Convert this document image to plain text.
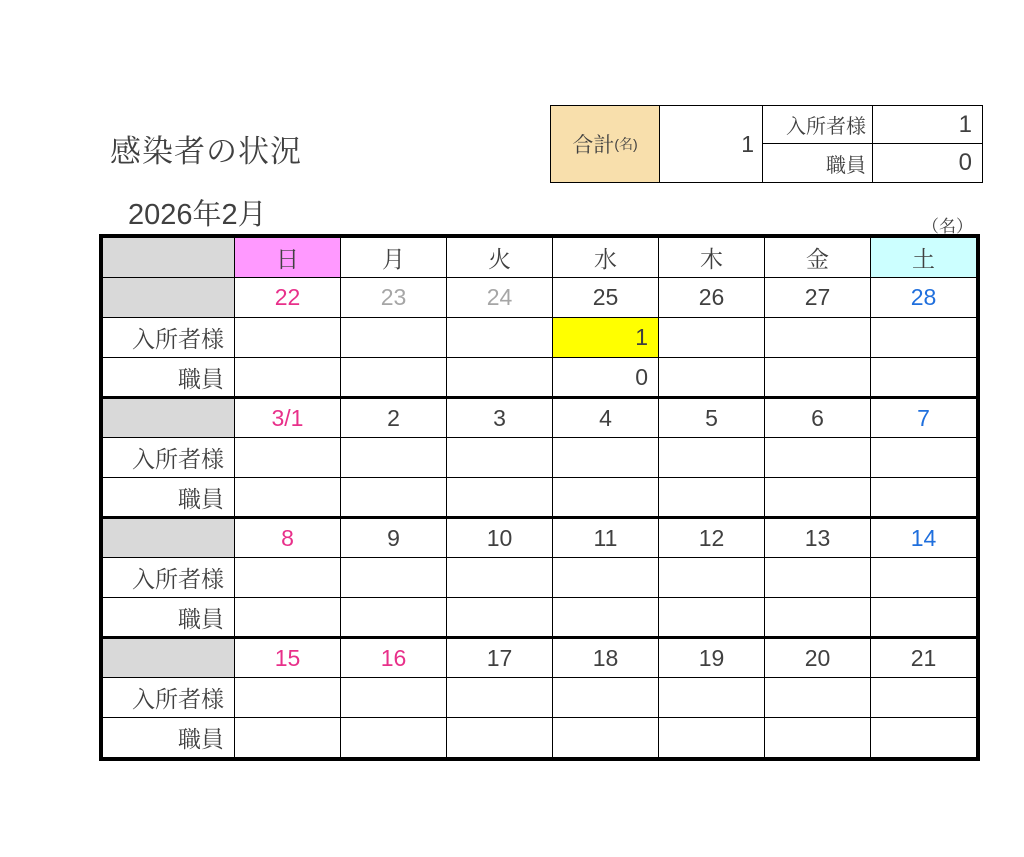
感染者の状況
2026年2月
合計 (名)	1
入所者様	1
職員	0
（名）
	日	月	火	水	木	金	土
	22	23	24	25	26	27	28
入所者様				1			
職員				0			
	3/1	2	3	4	5	6	7
入所者様							
職員							
	8	9	10	11	12	13	14
入所者様							
職員							
	15	16	17	18	19	20	21
入所者様							
職員							
